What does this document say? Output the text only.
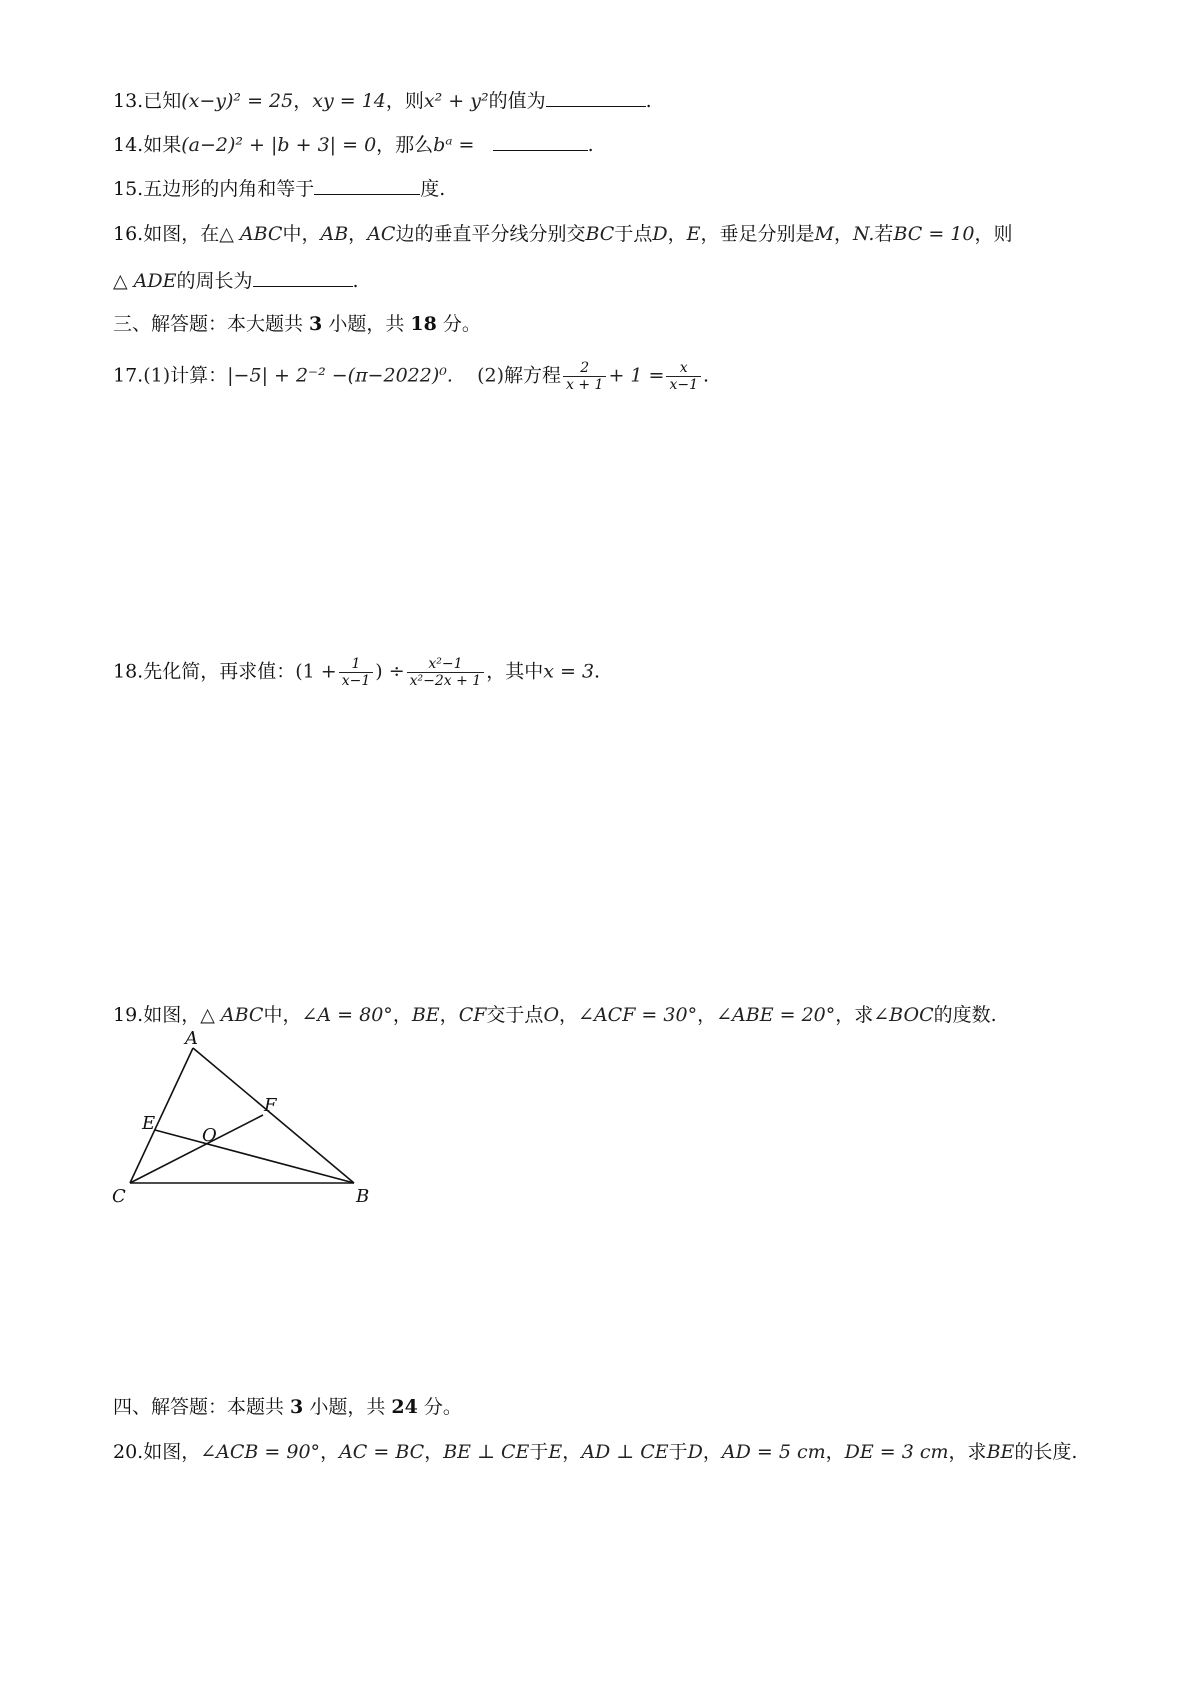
13.已知(x−y)² = 25，xy = 14，则x² + y²的值为	.
14.如果(a−2)² + |b + 3| = 0，那么bᵃ =	.
15.五边形的内角和等于	度.
16.如图，在△ ABC中，AB，AC边的垂直平分线分别交BC于点D，E，垂足分别是M，N.若BC = 10，则
△ ADE的周长为	.
三、解答题：本大题共 3 小题，共 18 分。
17.(1)计算：|−5| + 2⁻² −(π−2022)⁰. (2)解方程 $\frac{2}{x + 1} + 1 = \frac{x}{x-1}$ .
18.先化简，再求值：($1 + \frac{1}{x-1}$ ) ÷ $\frac{\text{x²−1}}{\text{x²−2x + 1}}$ ，其中x = 3.
19.如图，△ ABC中，∠A = 80°，BE，CF交于点O，∠ACF = 30°，∠ABE = 20°，求∠BOC的度数.
A
B
C
E
F
O
四、解答题：本题共 3 小题，共 24 分。
20.如图，∠ACB = 90°，AC = BC，BE ⊥ CE于E，AD ⊥ CE于D，AD = 5 cm，DE = 3 cm，求BE的长度.
